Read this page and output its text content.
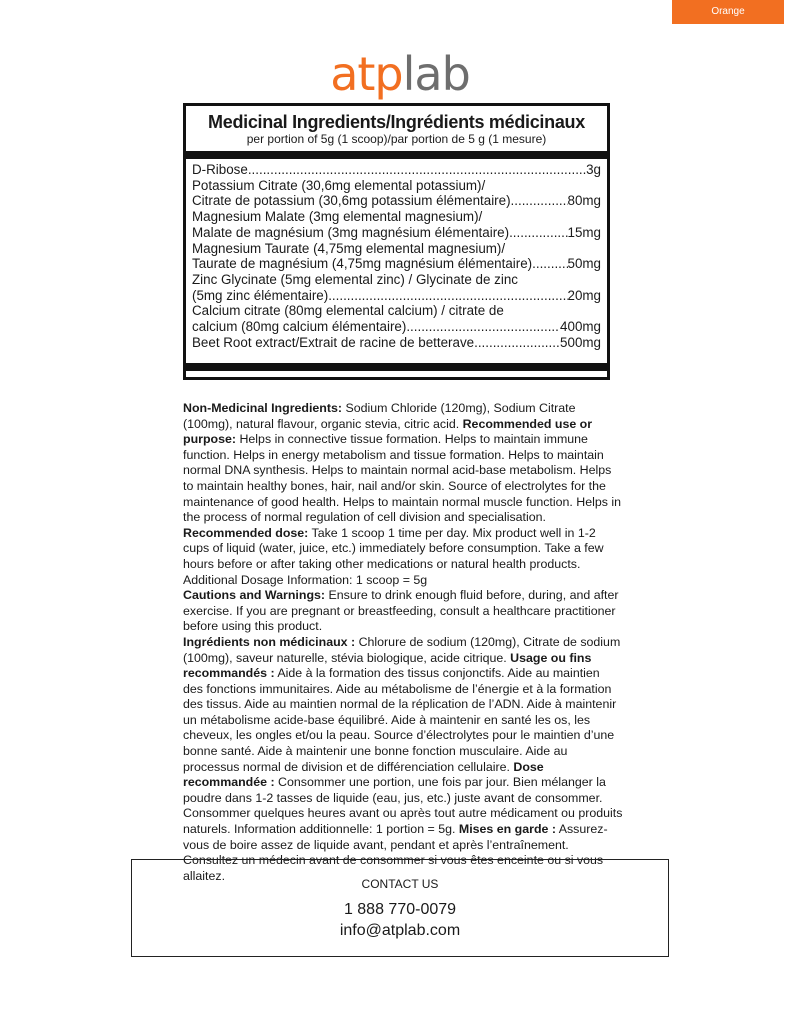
Orange
atplab
Medicinal Ingredients/Ingrédients médicinaux
per portion of 5g (1 scoop)/par portion de 5 g (1 mesure)
D-Ribose
.....	3g
Potassium Citrate (30,6mg elemental potassium)/
Citrate de potassium (30,6mg potassium élémentaire)
.....	80mg
Magnesium Malate (3mg elemental magnesium)/
Malate de magnésium (3mg magnésium élémentaire)
.....	15mg
Magnesium Taurate (4,75mg elemental magnesium)/
Taurate de magnésium (4,75mg magnésium élémentaire)
.....	50mg
Zinc Glycinate (5mg elemental zinc) / Glycinate de zinc
(5mg zinc élémentaire)
.....	20mg
Calcium citrate (80mg elemental calcium) / citrate de
calcium (80mg calcium élémentaire)
.....	400mg
Beet Root extract/Extrait de racine de betterave
.....	500mg
Non-Medicinal Ingredients: Sodium Chloride (120mg), Sodium Citrate (100mg), natural flavour, organic stevia, citric acid. Recommended use or purpose: Helps in connective tissue formation. Helps to maintain immune function. Helps in energy metabolism and tissue formation. Helps to maintain normal DNA synthesis. Helps to maintain normal acid-base metabolism. Helps to maintain healthy bones, hair, nail and/or skin. Source of electrolytes for the maintenance of good health. Helps to maintain normal muscle function. Helps in the process of normal regulation of cell division and specialisation.
Recommended dose: Take 1 scoop 1 time per day. Mix product well in 1-2 cups of liquid (water, juice, etc.) immediately before consumption. Take a few hours before or after taking other medications or natural health products. Additional Dosage Information: 1 scoop = 5g
Cautions and Warnings: Ensure to drink enough fluid before, during, and after exercise. If you are pregnant or breastfeeding, consult a healthcare practitioner before using this product.
Ingrédients non médicinaux : Chlorure de sodium (120mg), Citrate de sodium (100mg), saveur naturelle, stévia biologique, acide citrique. Usage ou fins recommandés : Aide à la formation des tissus conjonctifs. Aide au maintien des fonctions immunitaires. Aide au métabolisme de l’énergie et à la formation des tissus. Aide au maintien normal de la réplication de l’ADN. Aide à maintenir un métabolisme acide-base équilibré. Aide à maintenir en santé les os, les cheveux, les ongles et/ou la peau. Source d’électrolytes pour le maintien d’une bonne santé. Aide à maintenir une bonne fonction musculaire. Aide au processus normal de division et de différenciation cellulaire. Dose recommandée : Consommer une portion, une fois par jour. Bien mélanger la poudre dans 1-2 tasses de liquide (eau, jus, etc.) juste avant de consommer. Consommer quelques heures avant ou après tout autre médicament ou produits naturels. Information additionnelle: 1 portion = 5g. Mises en garde : Assurez-vous de boire assez de liquide avant, pendant et après l’entraînement. Consultez un médecin avant de consommer si vous êtes enceinte ou si vous allaitez.
CONTACT US
1 888 770-0079
info@atplab.com
